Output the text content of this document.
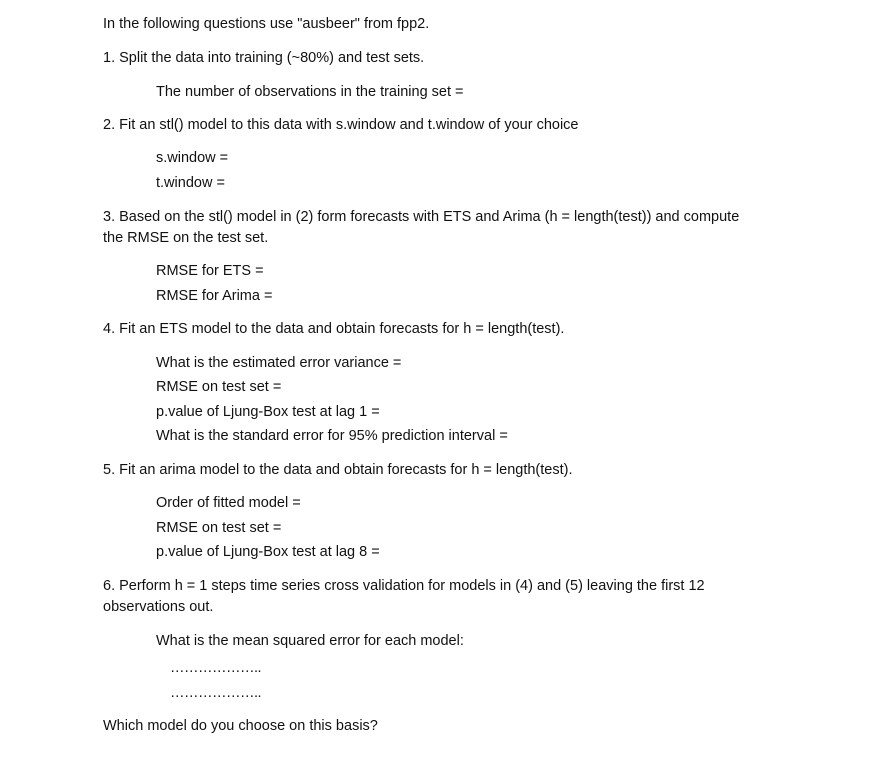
In the following questions use "ausbeer" from fpp2.
1. Split the data into training (~80%) and test sets.
The number of observations in the training set =
2. Fit an stl() model to this data with s.window and t.window of your choice
s.window =
t.window =
3. Based on the stl() model in (2) form forecasts with ETS and Arima (h = length(test)) and compute
the RMSE on the test set.
RMSE for ETS =
RMSE for Arima =
4. Fit an ETS model to the data and obtain forecasts for h = length(test).
What is the estimated error variance =
RMSE on test set =
p.value of Ljung-Box test at lag 1 =
What is the standard error for 95% prediction interval =
5. Fit an arima model to the data and obtain forecasts for h = length(test).
Order of fitted model =
RMSE on test set =
p.value of Ljung-Box test at lag 8 =
6. Perform h = 1 steps time series cross validation for models in (4) and (5) leaving the first 12
observations out.
What is the mean squared error for each model:
………………..
………………..
Which model do you choose on this basis?
